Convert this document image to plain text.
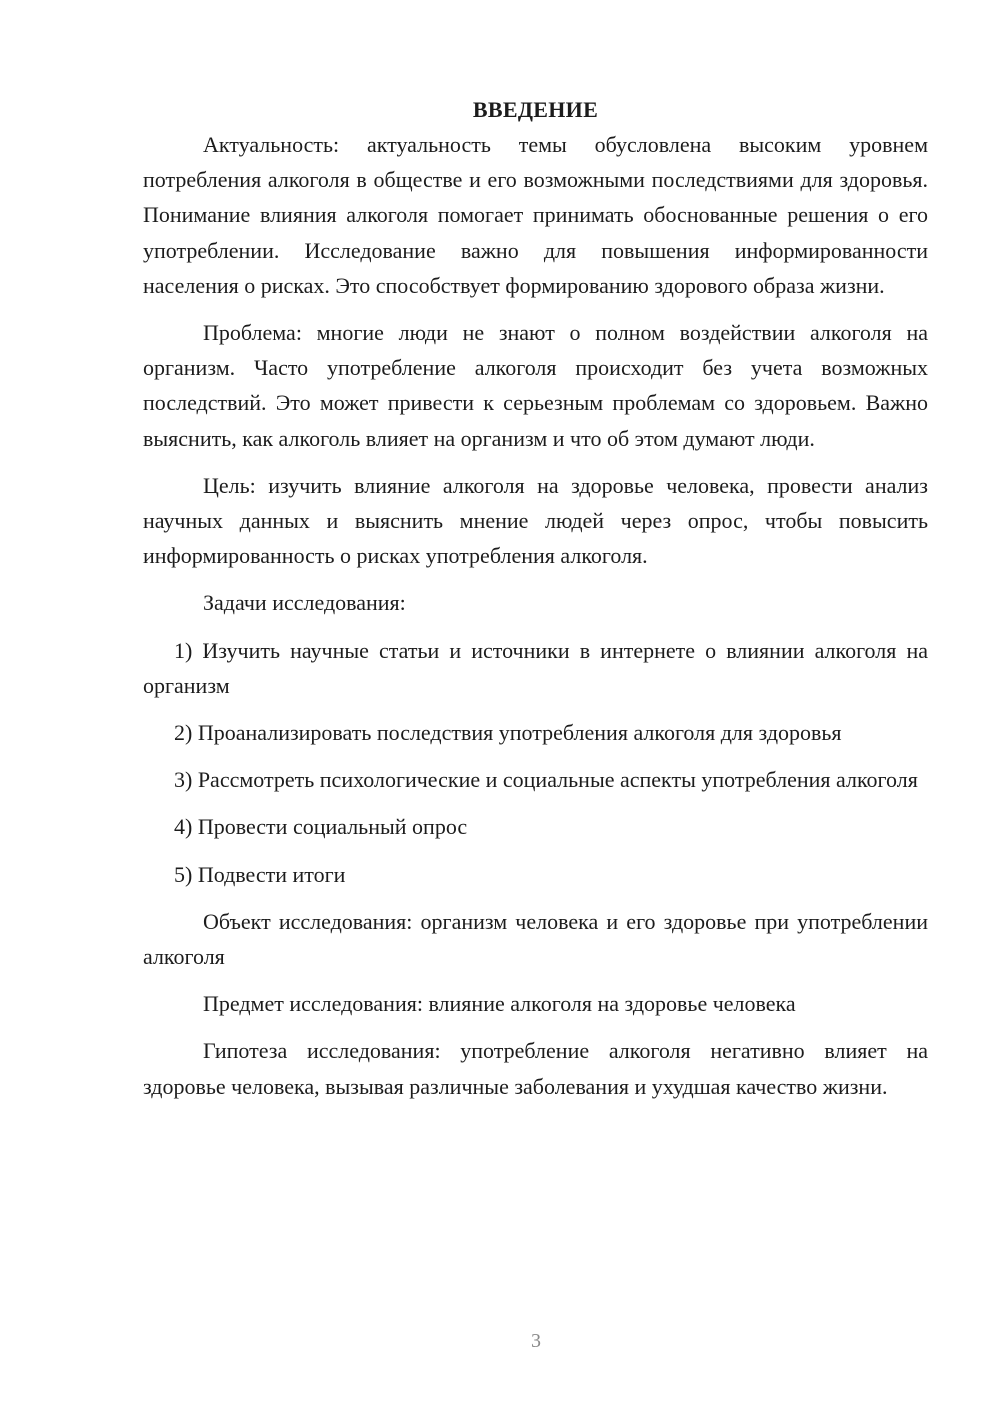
ВВЕДЕНИЕ

Актуальность: актуальность темы обусловлена высоким уровнем потребления алкоголя в обществе и его возможными последствиями для здоровья. Понимание влияния алкоголя помогает принимать обоснованные решения о его употреблении. Исследование важно для повышения информированности населения о рисках. Это способствует формированию здорового образа жизни.

Проблема: многие люди не знают о полном воздействии алкоголя на организм. Часто употребление алкоголя происходит без учета возможных последствий. Это может привести к серьезным проблемам со здоровьем. Важно выяснить, как алкоголь влияет на организм и что об этом думают люди.

Цель: изучить влияние алкоголя на здоровье человека, провести анализ научных данных и выяснить мнение людей через опрос, чтобы повысить информированность о рисках употребления алкоголя.

Задачи исследования:

1) Изучить научные статьи и источники в интернете о влиянии алкоголя на организм

2) Проанализировать последствия употребления алкоголя для здоровья

3) Рассмотреть психологические и социальные аспекты употребления алкоголя

4) Провести социальный опрос

5) Подвести итоги

Объект исследования: организм человека и его здоровье при употреблении алкоголя

Предмет исследования: влияние алкоголя на здоровье человека

Гипотеза исследования: употребление алкоголя негативно влияет на здоровье человека, вызывая различные заболевания и ухудшая качество жизни.

3
